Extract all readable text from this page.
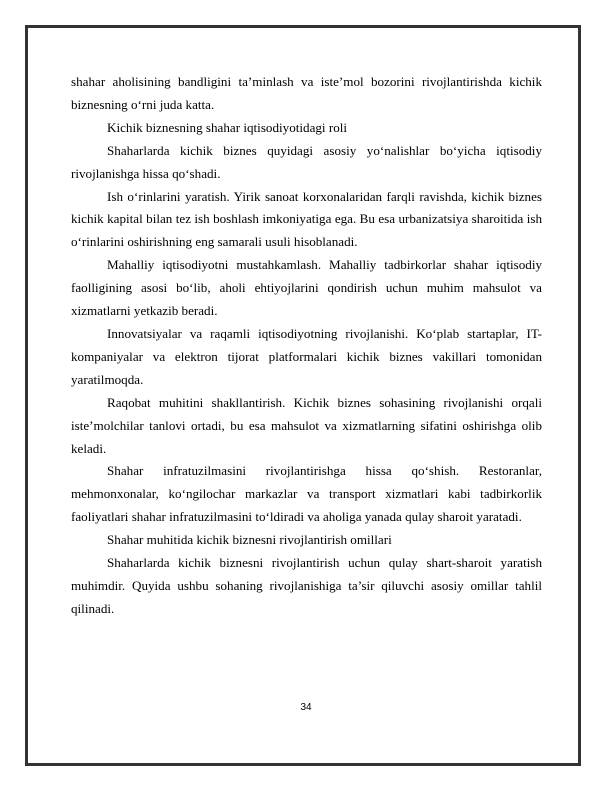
shahar aholisining bandligini ta’minlash va iste’mol bozorini rivojlantirishda kichik biznesning o‘rni juda katta.

Kichik biznesning shahar iqtisodiyotidagi roli

Shaharlarda kichik biznes quyidagi asosiy yo‘nalishlar bo‘yicha iqtisodiy rivojlanishga hissa qo‘shadi.

Ish o‘rinlarini yaratish. Yirik sanoat korxonalaridan farqli ravishda, kichik biznes kichik kapital bilan tez ish boshlash imkoniyatiga ega. Bu esa urbanizatsiya sharoitida ish o‘rinlarini oshirishning eng samarali usuli hisoblanadi.

Mahalliy iqtisodiyotni mustahkamlash. Mahalliy tadbirkorlar shahar iqtisodiy faolligining asosi bo‘lib, aholi ehtiyojlarini qondirish uchun muhim mahsulot va xizmatlarni yetkazib beradi.

Innovatsiyalar va raqamli iqtisodiyotning rivojlanishi. Ko‘plab startaplar, IT-kompaniyalar va elektron tijorat platformalari kichik biznes vakillari tomonidan yaratilmoqda.

Raqobat muhitini shakllantirish. Kichik biznes sohasining rivojlanishi orqali iste’molchilar tanlovi ortadi, bu esa mahsulot va xizmatlarning sifatini oshirishga olib keladi.

Shahar infratuzilmasini rivojlantirishga hissa qo‘shish. Restoranlar, mehmonxonalar, ko‘ngilochar markazlar va transport xizmatlari kabi tadbirkorlik faoliyatlari shahar infratuzilmasini to‘ldiradi va aholiga yanada qulay sharoit yaratadi.

Shahar muhitida kichik biznesni rivojlantirish omillari

Shaharlarda kichik biznesni rivojlantirish uchun qulay shart-sharoit yaratish muhimdir. Quyida ushbu sohaning rivojlanishiga ta’sir qiluvchi asosiy omillar tahlil qilinadi.

34
